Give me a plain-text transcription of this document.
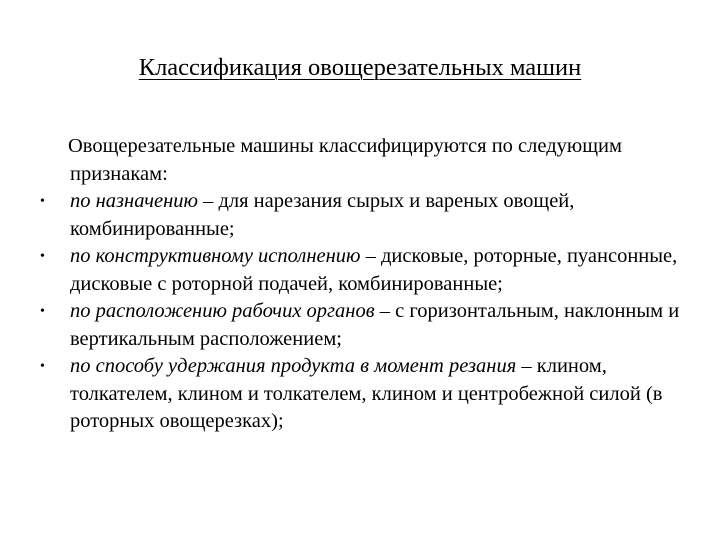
Классификация овощерезательных машин

Овощерезательные машины классифицируются по следующим признакам:

•	по назначению – для нарезания сырых и вареных овощей, комбинированные;
•	по конструктивному исполнению – дисковые, роторные, пуансонные, дисковые с роторной подачей, комбинированные;
•	по расположению рабочих органов – с горизонтальным, наклонным и вертикальным расположением;
•	по способу удержания продукта в момент резания – клином, толкателем, клином и толкателем, клином и центробежной силой (в роторных овощерезках);
